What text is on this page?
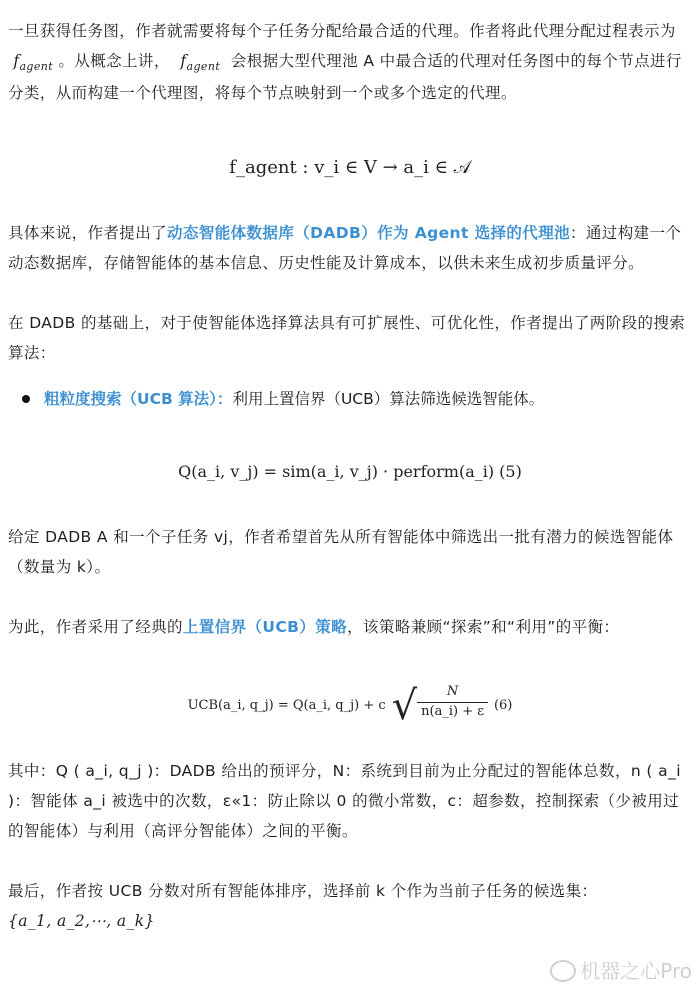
一旦获得任务图，作者就需要将每个子任务分配给最合适的代理。作者将此代理分配过程表示为  $f_{agent}$ 。从概念上讲， $f_{agent}$ 会根据大型代理池 A 中最合适的代理对任务图中的每个节点进行分类，从而构建一个代理图，将每个节点映射到一个或多个选定的代理。

f_agent : v_i ∈ V → a_i ∈ 𝒜

具体来说，作者提出了动态智能体数据库（DADB）作为 Agent 选择的代理池：通过构建一个动态数据库，存储智能体的基本信息、历史性能及计算成本，以供未来生成初步质量评分。

在 DADB 的基础上，对于使智能体选择算法具有可扩展性、可优化性，作者提出了两阶段的搜索算法：

粗粒度搜索（UCB 算法）：利用上置信界（UCB）算法筛选候选智能体。
Q(a_i, v_j) = sim(a_i, v_j) · perform(a_i) (5)

给定 DADB A 和一个子任务 vj，作者希望首先从所有智能体中筛选出一批有潜力的候选智能体（数量为 k）。

为此，作者采用了经典的上置信界（UCB）策略，该策略兼顾“探索”和“利用”的平衡：

UCB(a_i, q_j) = Q(a_i, q_j) + c √ N
n(a_i) + ε (6)

其中：Q ( a_i, q_j )：DADB 给出的预评分，N：系统到目前为止分配过的智能体总数，n ( a_i )：智能体 a_i 被选中的次数，ε«1：防止除以 0 的微小常数，c：超参数，控制探索（少被用过的智能体）与利用（高评分智能体）之间的平衡。

最后，作者按 UCB 分数对所有智能体排序，选择前 k 个作为当前子任务的候选集：
{a_1, a_2,⋯, a_k}

机器之心Pro
